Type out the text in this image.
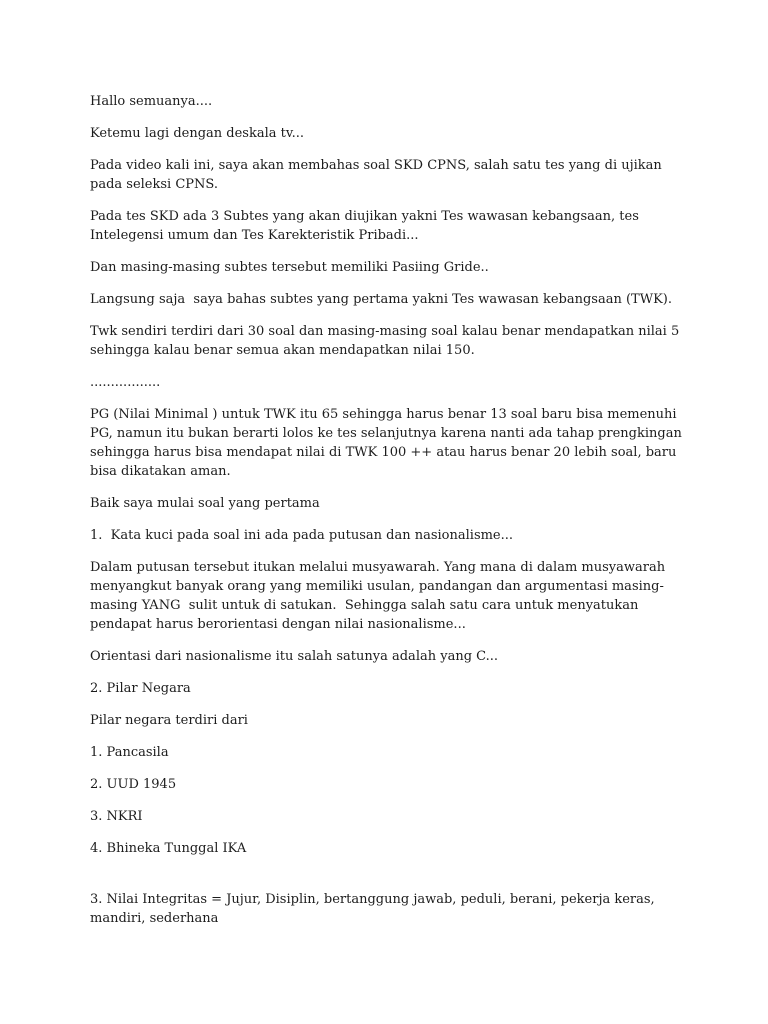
Hallo semuanya....

Ketemu lagi dengan deskala tv...

Pada video kali ini, saya akan membahas soal SKD CPNS, salah satu tes yang di ujikan pada seleksi CPNS.

Pada tes SKD ada 3 Subtes yang akan diujikan yakni Tes wawasan kebangsaan, tes Intelegensi umum dan Tes Karekteristik Pribadi...

Dan masing-masing subtes tersebut memiliki Pasiing Gride..

Langsung saja  saya bahas subtes yang pertama yakni Tes wawasan kebangsaan (TWK).

Twk sendiri terdiri dari 30 soal dan masing-masing soal kalau benar mendapatkan nilai 5 sehingga kalau benar semua akan mendapatkan nilai 150.

.................

PG (Nilai Minimal ) untuk TWK itu 65 sehingga harus benar 13 soal baru bisa memenuhi PG, namun itu bukan berarti lolos ke tes selanjutnya karena nanti ada tahap prengkingan sehingga harus bisa mendapat nilai di TWK 100 ++ atau harus benar 20 lebih soal, baru bisa dikatakan aman.

Baik saya mulai soal yang pertama

1.  Kata kuci pada soal ini ada pada putusan dan nasionalisme...

Dalam putusan tersebut itukan melalui musyawarah. Yang mana di dalam musyawarah menyangkut banyak orang yang memiliki usulan, pandangan dan argumentasi masing-masing YANG  sulit untuk di satukan.  Sehingga salah satu cara untuk menyatukan pendapat harus berorientasi dengan nilai nasionalisme...

Orientasi dari nasionalisme itu salah satunya adalah yang C...

2. Pilar Negara

Pilar negara terdiri dari

1. Pancasila

2. UUD 1945

3. NKRI

4. Bhineka Tunggal IKA

3. Nilai Integritas = Jujur, Disiplin, bertanggung jawab, peduli, berani, pekerja keras, mandiri, sederhana
